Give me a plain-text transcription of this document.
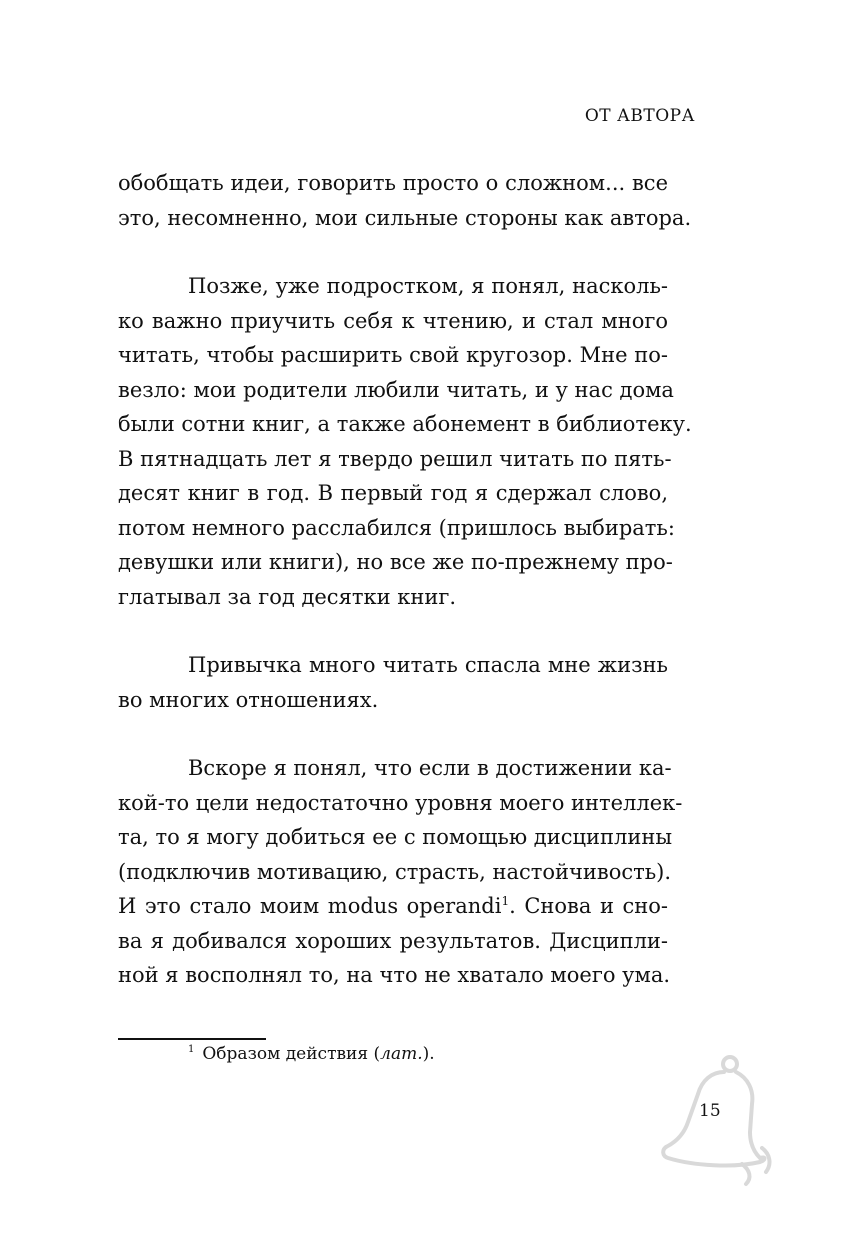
ОТ АВТОРА
обобщать идеи, говорить просто о сложном... все
это, несомненно, мои сильные стороны как автора.
Позже, уже подростком, я понял, насколь-
ко важно приучить себя к чтению, и стал много
читать, чтобы расширить свой кругозор. Мне по-
везло: мои родители любили читать, и у нас дома
были сотни книг, а также абонемент в библиотеку.
В пятнадцать лет я твердо решил читать по пять-
десят книг в год. В первый год я сдержал слово,
потом немного расслабился (пришлось выбирать:
девушки или книги), но все же по-прежнему про-
глатывал за год десятки книг.
Привычка много читать спасла мне жизнь
во многих отношениях.
Вскоре я понял, что если в достижении ка-
кой-то цели недостаточно уровня моего интеллек-
та, то я могу добиться ее с помощью дисциплины
(подключив мотивацию, страсть, настойчивость).
И это стало моим modus operandi$^1$. Снова и сно-
ва я добивался хороших результатов. Дисципли-
ной я восполнял то, на что не хватало моего ума.
$^1$ Образом действия (лат.).
15
